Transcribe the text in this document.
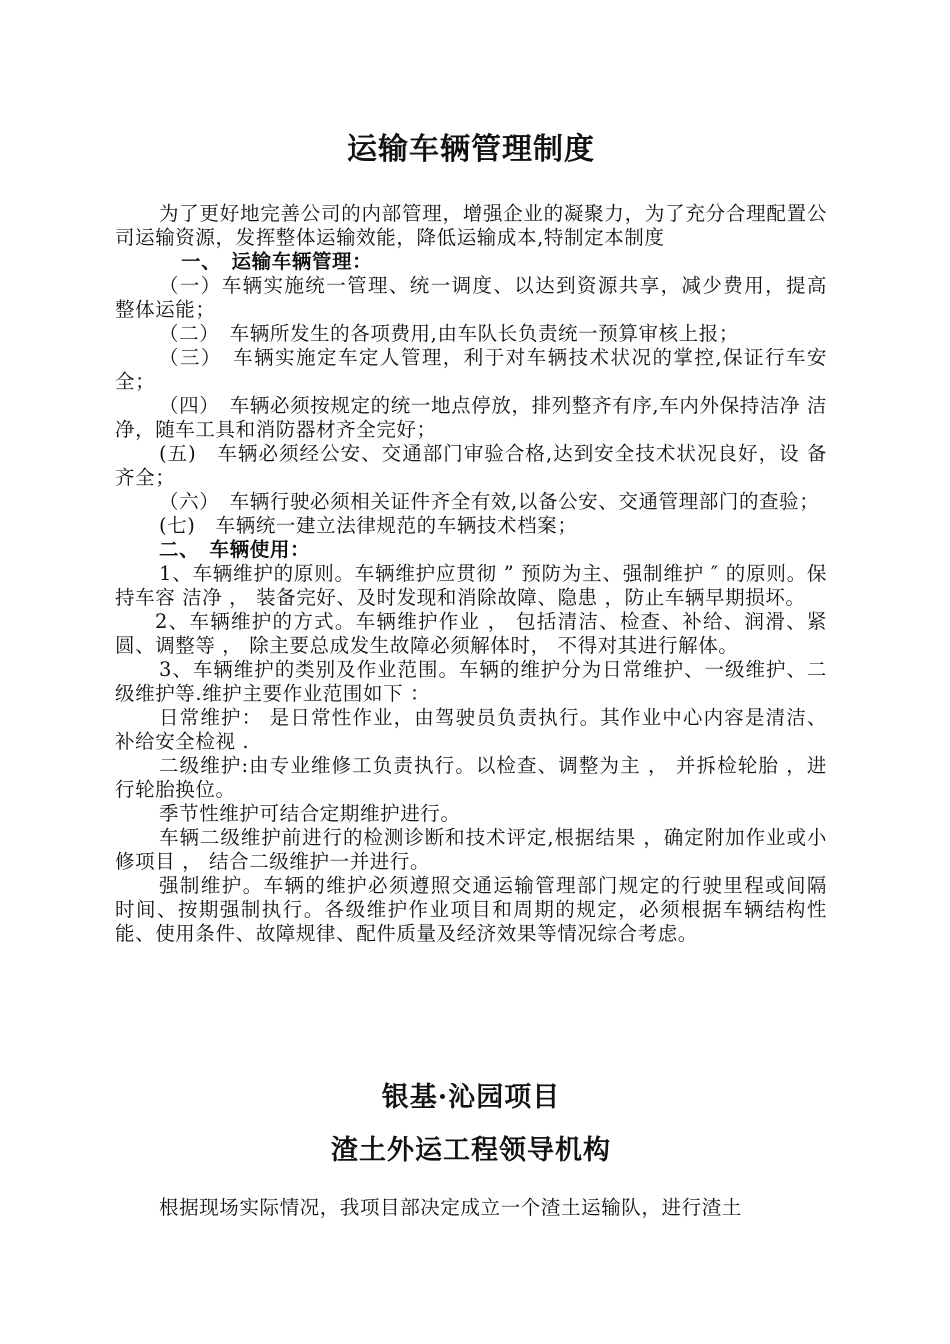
运输车辆管理制度

为了更好地完善公司的内部管理，增强企业的凝聚力，为了充分合理配置公司运输资源，发挥整体运输效能，降低运输成本,特制定本制度

一、　运输车辆管理：

（一）车辆实施统一管理、统一调度、以达到资源共享，减少费用，提高 整体运能；

（二）　车辆所发生的各项费用,由车队长负责统一预算审核上报；

（三）　车辆实施定车定人管理，利于对车辆技术状况的掌控,保证行车安全；

（四）　车辆必须按规定的统一地点停放，排列整齐有序,车内外保持洁净 洁净，随车工具和消防器材齐全完好；

(五)　车辆必须经公安、交通部门审验合格,达到安全技术状况良好，设 备齐全；

（六）　车辆行驶必须相关证件齐全有效,以备公安、交通管理部门的查验；

(七)　车辆统一建立法律规范的车辆技术档案；

二、　车辆使用：

1、车辆维护的原则。车辆维护应贯彻 ” 预防为主、强制维护 ″ 的原则。保持车容 洁净 ， 装备完好、及时发现和消除故障、隐患 ，防止车辆早期损坏。

2、车辆维护的方式。车辆维护作业 ， 包括清洁、检查、补给、润滑、紧圆、调整等 ， 除主要总成发生故障必须解体时， 不得对其进行解体。

3、车辆维护的类别及作业范围。车辆的维护分为日常维护、一级维护、二级维护等.维护主要作业范围如下 ：

日常维护： 是日常性作业，由驾驶员负责执行。其作业中心内容是清洁、补给安全检视 .

二级维护:由专业维修工负责执行。以检查、调整为主 ， 并拆检轮胎 ，进行轮胎换位。

季节性维护可结合定期维护进行。

车辆二级维护前进行的检测诊断和技术评定,根据结果 ，确定附加作业或小修项目 ， 结合二级维护一并进行。

强制维护。车辆的维护必须遵照交通运输管理部门规定的行驶里程或间隔 时间、按期强制执行。各级维护作业项目和周期的规定，必须根据车辆结构性 能、使用条件、故障规律、配件质量及经济效果等情况综合考虑。

银基·沁园项目
渣土外运工程领导机构

根据现场实际情况，我项目部决定成立一个渣土运输队，进行渣土
